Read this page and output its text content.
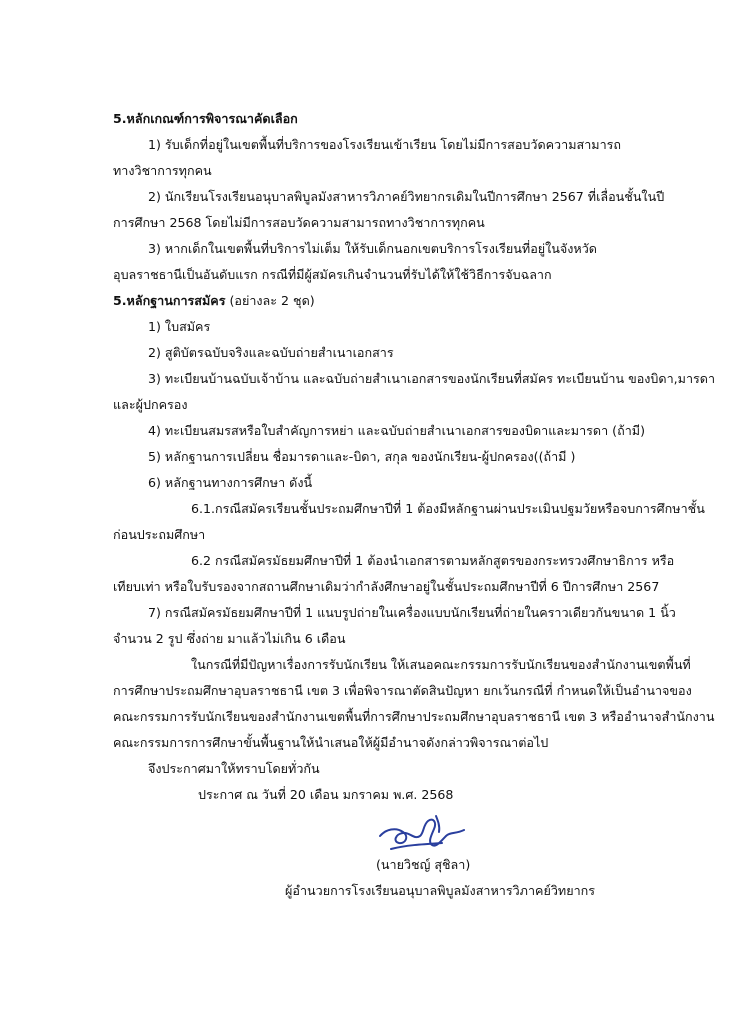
5.หลักเกณฑ์การพิจารณาคัดเลือก
1) รับเด็กที่อยู่ในเขตพื้นที่บริการของโรงเรียนเข้าเรียน โดยไม่มีการสอบวัดความสามารถ
ทางวิชาการทุกคน
2) นักเรียนโรงเรียนอนุบาลพิบูลมังสาหารวิภาคย์วิทยากรเดิมในปีการศึกษา 2567 ที่เลื่อนชั้นในปี
การศึกษา 2568 โดยไม่มีการสอบวัดความสามารถทางวิชาการทุกคน
3) หากเด็กในเขตพื้นที่บริการไม่เต็ม ให้รับเด็กนอกเขตบริการโรงเรียนที่อยู่ในจังหวัด
อุบลราชธานีเป็นอันดับแรก กรณีที่มีผู้สมัครเกินจำนวนที่รับได้ให้ใช้วิธีการจับฉลาก
5.หลักฐานการสมัคร (อย่างละ 2 ชุด)
1) ใบสมัคร
2) สูติบัตรฉบับจริงและฉบับถ่ายสำเนาเอกสาร
3) ทะเบียนบ้านฉบับเจ้าบ้าน และฉบับถ่ายสำเนาเอกสารของนักเรียนที่สมัคร ทะเบียนบ้าน ของบิดา,มารดา
และผู้ปกครอง
4) ทะเบียนสมรสหรือใบสำคัญการหย่า และฉบับถ่ายสำเนาเอกสารของบิดาและมารดา (ถ้ามี)
5) หลักฐานการเปลี่ยน ชื่อมารดาและ-บิดา, สกุล ของนักเรียน-ผู้ปกครอง((ถ้ามี )
6) หลักฐานทางการศึกษา ดังนี้
6.1.กรณีสมัครเรียนชั้นประถมศึกษาปีที่ 1 ต้องมีหลักฐานผ่านประเมินปฐมวัยหรือจบการศึกษาชั้น
ก่อนประถมศึกษา
6.2 กรณีสมัครมัธยมศึกษาปีที่ 1 ต้องนำเอกสารตามหลักสูตรของกระทรวงศึกษาธิการ หรือ
เทียบเท่า หรือใบรับรองจากสถานศึกษาเดิมว่ากำลังศึกษาอยู่ในชั้นประถมศึกษาปีที่ 6 ปีการศึกษา 2567
7) กรณีสมัครมัธยมศึกษาปีที่ 1 แนบรูปถ่ายในเครื่องแบบนักเรียนที่ถ่ายในคราวเดียวกันขนาด 1 นิ้ว
จำนวน 2 รูป ซึ่งถ่าย มาแล้วไม่เกิน 6 เดือน
ในกรณีที่มีปัญหาเรื่องการรับนักเรียน ให้เสนอคณะกรรมการรับนักเรียนของสำนักงานเขตพื้นที่
การศึกษาประถมศึกษาอุบลราชธานี เขต 3 เพื่อพิจารณาตัดสินปัญหา ยกเว้นกรณีที่ กำหนดให้เป็นอำนาจของ
คณะกรรมการรับนักเรียนของสำนักงานเขตพื้นที่การศึกษาประถมศึกษาอุบลราชธานี เขต 3 หรืออำนาจสำนักงาน
คณะกรรมการการศึกษาขั้นพื้นฐานให้นำเสนอให้ผู้มีอำนาจดังกล่าวพิจารณาต่อไป
จึงประกาศมาให้ทราบโดยทั่วกัน
ประกาศ ณ วันที่ 20 เดือน มกราคม พ.ศ. 2568
(นายวิชญ์ สุชิลา)
ผู้อำนวยการโรงเรียนอนุบาลพิบูลมังสาหารวิภาคย์วิทยากร
